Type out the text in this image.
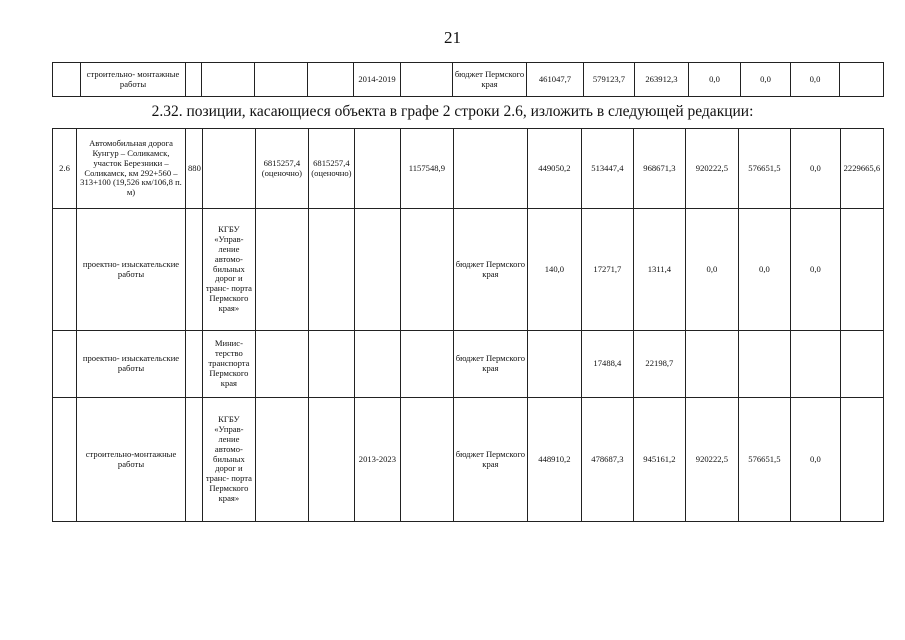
21
	строительно- монтажные работы					2014-2019		бюджет Пермского края	461047,7	579123,7	263912,3	0,0	0,0	0,0	
2.32. позиции, касающиеся объекта в графе 2 строки 2.6, изложить в следующей редакции:
2.6	Автомобильная дорога Кунгур – Соликамск, участок Березники – Соликамск, км 292+560 – 313+100 (19,526 км/106,8 п. м)	880		6815257,4 (оценочно)	6815257,4 (оценочно)		1157548,9		449050,2	513447,4	968671,3	920222,5	576651,5	0,0	2229665,6
	проектно- изыскательские работы		КГБУ «Управ- ление автомо- бильных дорог и транс- порта Пермского края»					бюджет Пермского края	140,0	17271,7	1311,4	0,0	0,0	0,0	
	проектно- изыскательские работы		Минис- терство транспорта Пермского края					бюджет Пермского края		17488,4	22198,7				
	строительно-монтажные работы		КГБУ «Управ- ление автомо- бильных дорог и транс- порта Пермского края»			2013-2023		бюджет Пермского края	448910,2	478687,3	945161,2	920222,5	576651,5	0,0	
